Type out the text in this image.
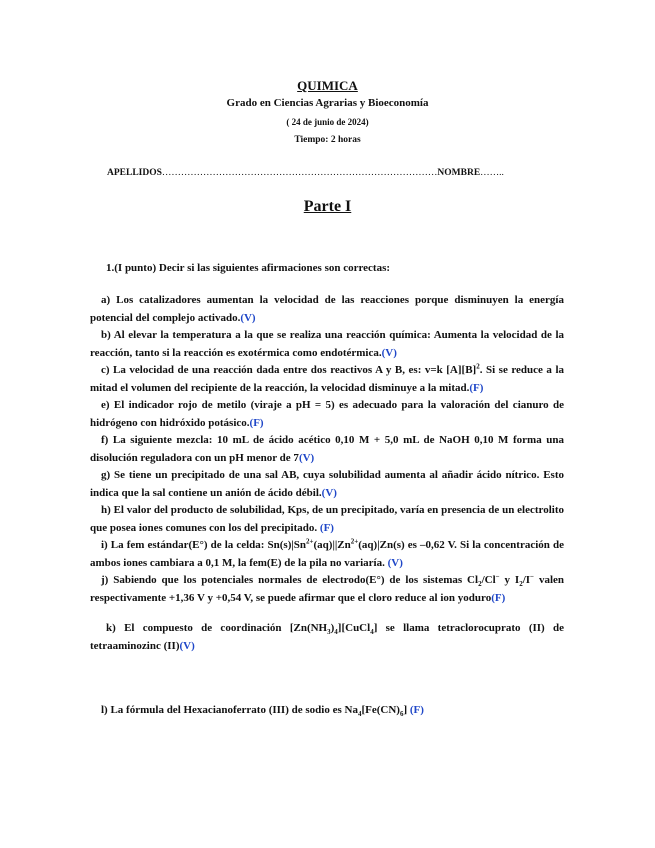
QUIMICA
Grado en Ciencias Agrarias y Bioeconomía
( 24 de junio de 2024)
Tiempo: 2 horas
APELLIDOS……………………………………………………………………………NOMBRE……..
Parte I
1.(I punto) Decir si las siguientes afirmaciones son correctas:

a) Los catalizadores aumentan la velocidad de las reacciones porque disminuyen la energía potencial del complejo activado.(V)

b) Al elevar la temperatura a la que se realiza una reacción química: Aumenta la velocidad de la reacción, tanto si la reacción es exotérmica como endotérmica.(V)

c) La velocidad de una reacción dada entre dos reactivos A y B, es: v=k $[A][B]^2$. Si se reduce a la mitad el volumen del recipiente de la reacción, la velocidad disminuye a la mitad.(F)

e) El indicador rojo de metilo (viraje a pH = 5) es adecuado para la valoración del cianuro de hidrógeno con hidróxido potásico.(F)

f) La siguiente mezcla: 10 mL de ácido acético 0,10 M + 5,0 mL de NaOH 0,10 M forma una disolución reguladora con un pH menor de 7(V)

g) Se tiene un precipitado de una sal AB, cuya solubilidad aumenta al añadir ácido nítrico. Esto indica que la sal contiene un anión de ácido débil.(V)

h) El valor del producto de solubilidad, Kps, de un precipitado, varía en presencia de un electrolito que posea iones comunes con los del precipitado. (F)

i) La fem estándar(E°) de la celda: $Sn(s)|Sn^{2+}(aq)||Zn^{2+}(aq)|Zn(s)$ es –0,62 V. Si la concentración de ambos iones cambiara a 0,1 M, la fem(E) de la pila no variaría. (V)

j) Sabiendo que los potenciales normales de electrodo(E°) de los sistemas $Cl_2/Cl^-$ y $I_2/I^-$ valen respectivamente +1,36 V y +0,54 V, se puede afirmar que el cloro reduce al ion yoduro(F)

k) El compuesto de coordinación $[Zn(NH_3)_4][CuCl_4]$ se llama tetraclorocuprato (II) de tetraaminozinc (II)(V)

l) La fórmula del Hexacianoferrato (III) de sodio es $Na_4[Fe(CN)_6]$ (F)
